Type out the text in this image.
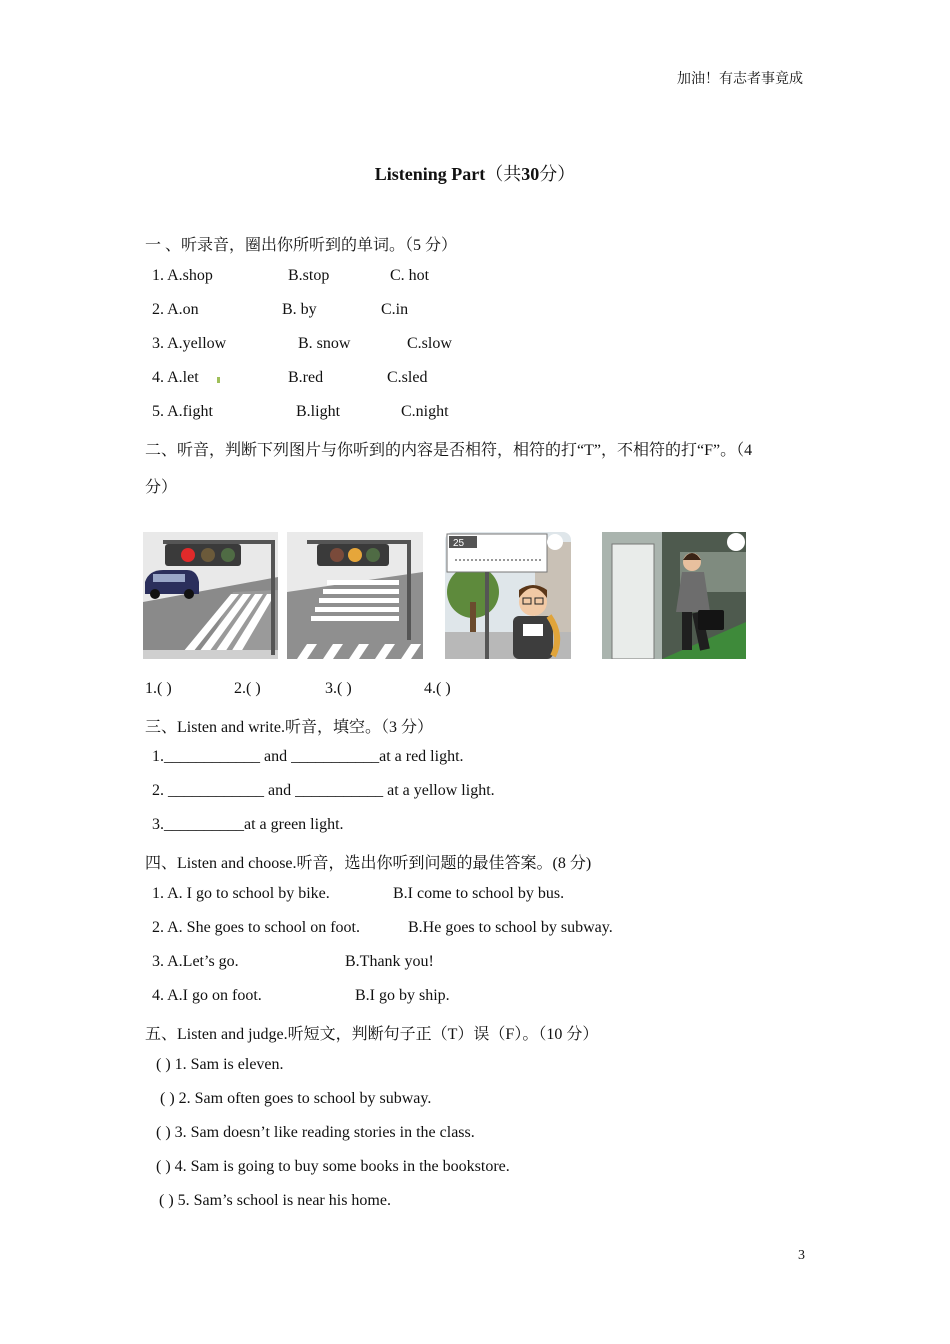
加油！有志者事竟成
Listening Part（共30分）
一 、听录音，圈出你所听到的单词。（5 分）
1. A.shop	B.stop	C. hot
2. A.on	B. by	C.in
3. A.yellow	B. snow	C.slow
4. A.let	B.red	C.sled
5. A.fight	B.light	C.night
二、听音，判断下列图片与你听到的内容是否相符，相符的打“T”，不相符的打“F”。（4
分）
25
1.( )	2.( )	3.( )	4.( )
三、Listen and write.听音，填空。（3 分）
1.____________ and ___________at a red light.
2. ____________ and ___________ at a yellow light.
3.__________at a green light.
四、Listen and choose.听音，选出你听到问题的最佳答案。(8 分)
1. A. I go to school by bike.	B.I come to school by bus.
2. A. She goes to school on foot.	B.He goes to school by subway.
3. A.Let’s go.	B.Thank you!
4. A.I go on foot.	B.I go by ship.
五、Listen and judge.听短文，判断句子正（T）误（F）。（10 分）
( ) 1. Sam is eleven.
( ) 2. Sam often goes to school by subway.
( ) 3. Sam doesn’t like reading stories in the class.
( ) 4. Sam is going to buy some books in the bookstore.
( ) 5. Sam’s school is near his home.
3
